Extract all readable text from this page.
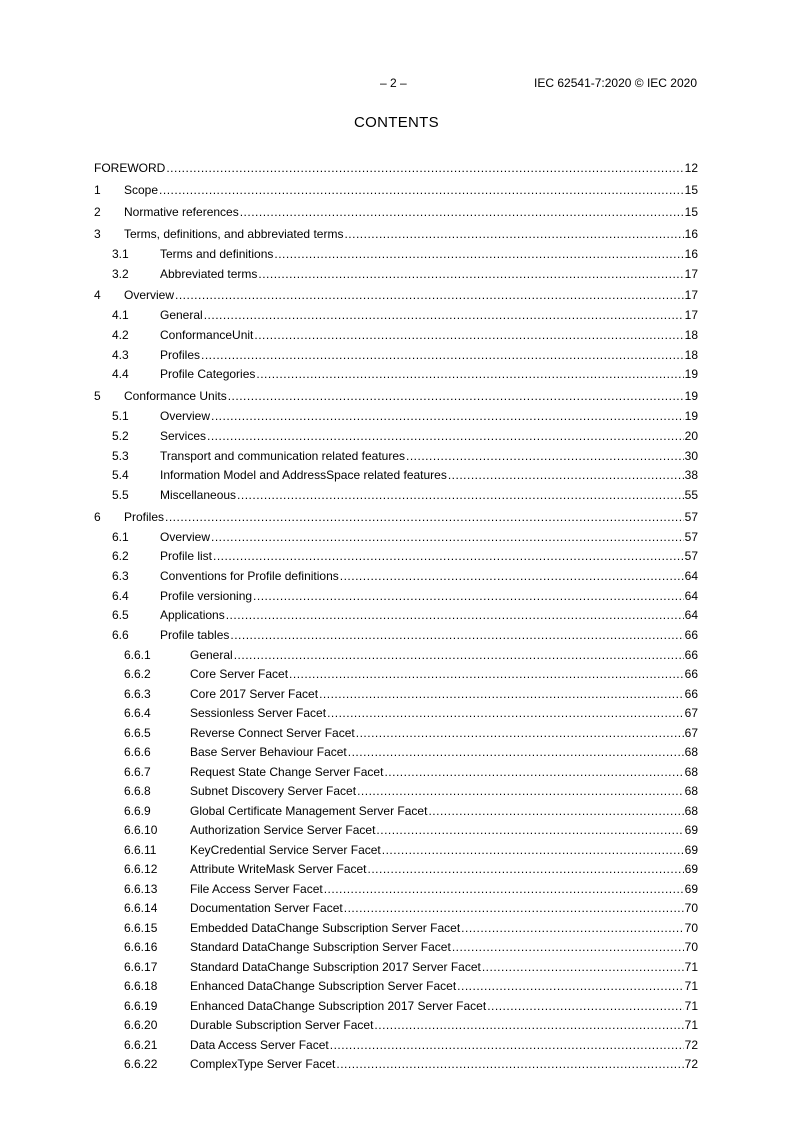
– 2 –	IEC 62541-7:2020 © IEC 2020
CONTENTS
FOREWORD .....	12
1	Scope .....	15
2	Normative references .....	15
3	Terms, definitions, and abbreviated terms .....	16
3.1	Terms and definitions .....	16
3.2	Abbreviated terms .....	17
4	Overview .....	17
4.1	General .....	17
4.2	ConformanceUnit .....	18
4.3	Profiles .....	18
4.4	Profile Categories .....	19
5	Conformance Units .....	19
5.1	Overview .....	19
5.2	Services .....	20
5.3	Transport and communication related features .....	30
5.4	Information Model and AddressSpace related features .....	38
5.5	Miscellaneous .....	55
6	Profiles .....	57
6.1	Overview .....	57
6.2	Profile list .....	57
6.3	Conventions for Profile definitions .....	64
6.4	Profile versioning .....	64
6.5	Applications .....	64
6.6	Profile tables .....	66
6.6.1	General .....	66
6.6.2	Core Server Facet .....	66
6.6.3	Core 2017 Server Facet .....	66
6.6.4	Sessionless Server Facet .....	67
6.6.5	Reverse Connect Server Facet .....	67
6.6.6	Base Server Behaviour Facet .....	68
6.6.7	Request State Change Server Facet .....	68
6.6.8	Subnet Discovery Server Facet .....	68
6.6.9	Global Certificate Management Server Facet .....	68
6.6.10	Authorization Service Server Facet .....	69
6.6.11	KeyCredential Service Server Facet .....	69
6.6.12	Attribute WriteMask Server Facet .....	69
6.6.13	File Access Server Facet .....	69
6.6.14	Documentation Server Facet .....	70
6.6.15	Embedded DataChange Subscription Server Facet .....	70
6.6.16	Standard DataChange Subscription Server Facet .....	70
6.6.17	Standard DataChange Subscription 2017 Server Facet .....	71
6.6.18	Enhanced DataChange Subscription Server Facet .....	71
6.6.19	Enhanced DataChange Subscription 2017 Server Facet .....	71
6.6.20	Durable Subscription Server Facet .....	71
6.6.21	Data Access Server Facet .....	72
6.6.22	ComplexType Server Facet .....	72
